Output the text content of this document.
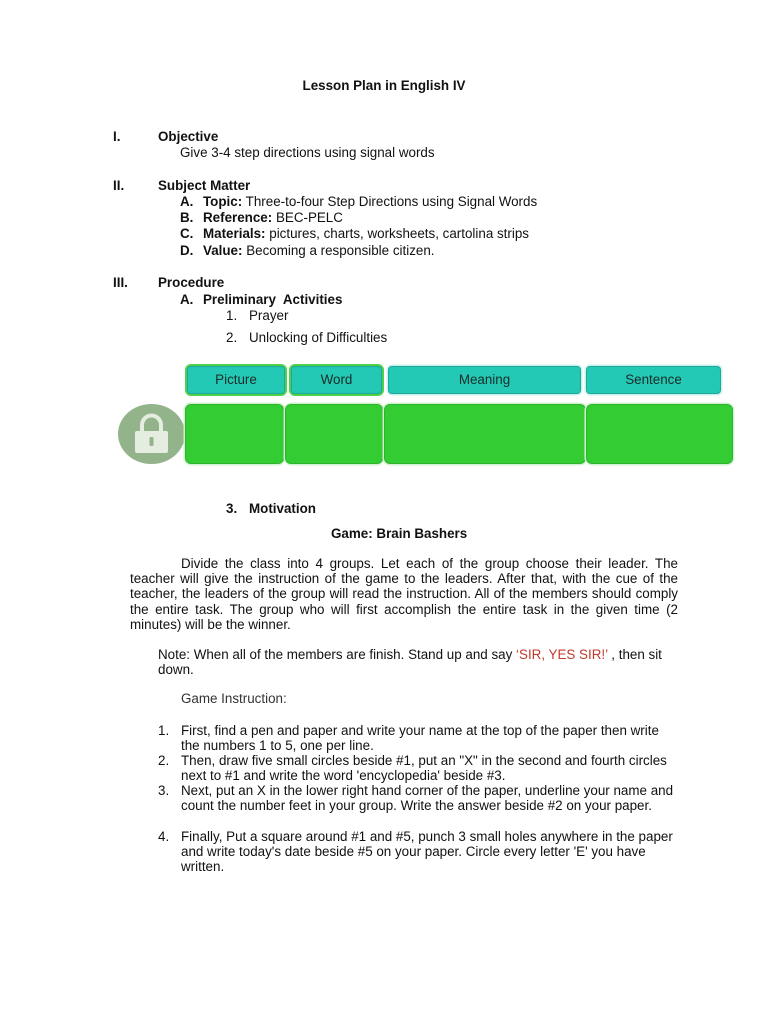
Lesson Plan in English IV
I.	Objective
Give 3-4 step directions using signal words
II.	Subject Matter
A. Topic: Three-to-four Step Directions using Signal Words
B. Reference: BEC-PELC
C. Materials: pictures, charts, worksheets, cartolina strips
D. Value: Becoming a responsible citizen.
III. Procedure
A. Preliminary  Activities
1. Prayer
2. Unlocking of Difficulties
Picture	Word	Meaning	Sentence
3. Motivation
Game: Brain Bashers
Divide the class into 4 groups. Let each of the group choose their leader. The teacher will give the instruction of the game to the leaders. After that, with the cue of the teacher, the leaders of the group will read the instruction. All of the members should comply the entire task. The group who will first accomplish the entire task in the given time (2 minutes) will be the winner.
Note: When all of the members are finish. Stand up and say ‘SIR, YES SIR!’ , then sit down.
Game Instruction:
1. First, find a pen and paper and write your name at the top of the paper then write the numbers 1 to 5, one per line.
2. Then, draw five small circles beside #1, put an "X" in the second and fourth circles next to #1 and write the word 'encyclopedia' beside #3.
3. Next, put an X in the lower right hand corner of the paper, underline your name and count the number feet in your group. Write the answer beside #2 on your paper.
4. Finally, Put a square around #1 and #5, punch 3 small holes anywhere in the paper and write today's date beside #5 on your paper. Circle every letter 'E' you have written.
